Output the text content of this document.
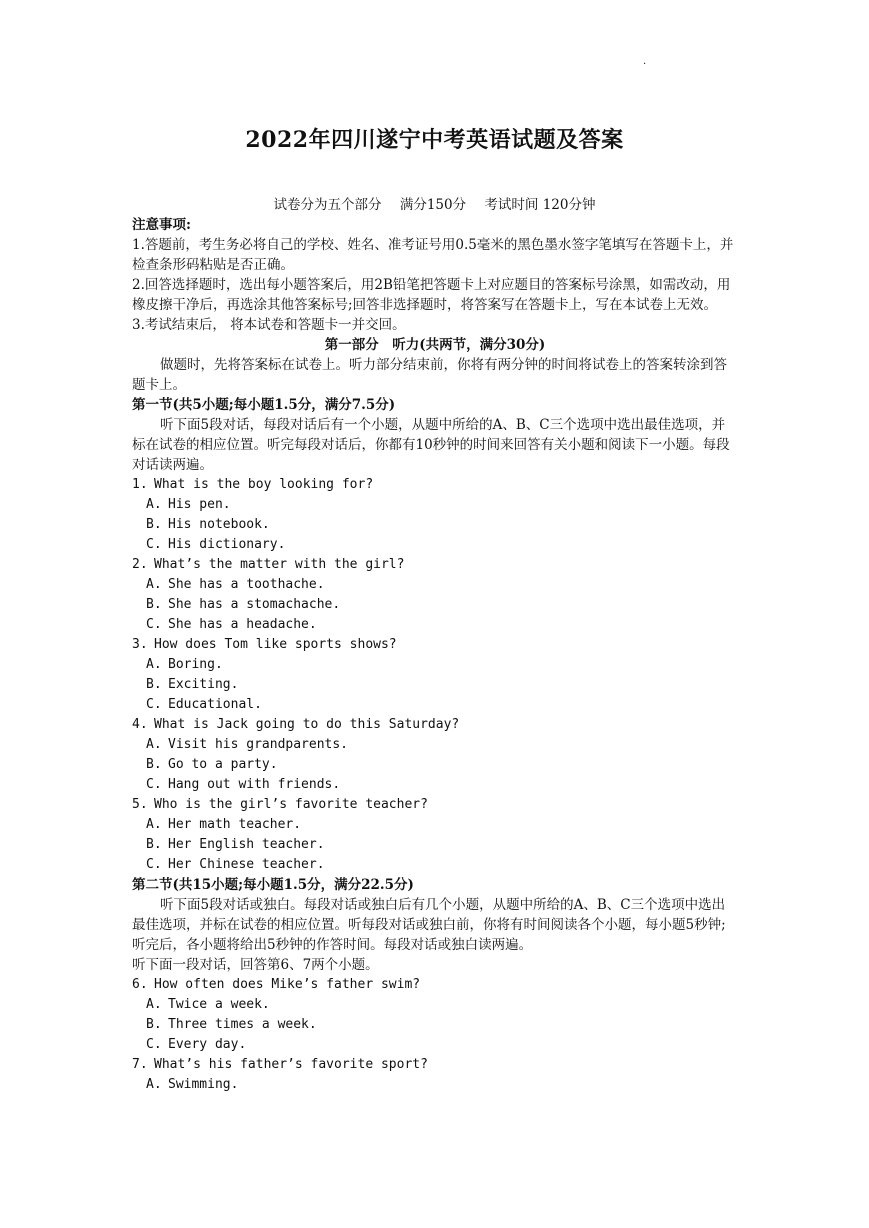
.
2022年四川遂宁中考英语试题及答案
试卷分为五个部分 满分150分 考试时间 120分钟

注意事项:

1.答题前，考生务必将自己的学校、姓名、准考证号用0.5毫米的黑色墨水签字笔填写在答题卡上，并检查条形码粘贴是否正确。

2.回答选择题时，选出每小题答案后，用2B铅笔把答题卡上对应题目的答案标号涂黑，如需改动，用橡皮擦干净后，再选涂其他答案标号;回答非选择题时，将答案写在答题卡上，写在本试卷上无效。

3.考试结束后， 将本试卷和答题卡一并交回。

第一部分　听力(共两节，满分30分)

做题时，先将答案标在试卷上。听力部分结束前，你将有两分钟的时间将试卷上的答案转涂到答题卡上。

第一节(共5小题;每小题1.5分，满分7.5分)

听下面5段对话，每段对话后有一个小题，从题中所给的A、B、C三个选项中选出最佳选项，并标在试卷的相应位置。听完每段对话后，你都有10秒钟的时间来回答有关小题和阅读下一小题。每段对话读两遍。

1. What is the boy looking for?

A. His pen.

B. His notebook.

C. His dictionary.

2. What’s the matter with the girl?

A. She has a toothache.

B. She has a stomachache.

C. She has a headache.

3. How does Tom like sports shows?

A. Boring.

B. Exciting.

C. Educational.

4. What is Jack going to do this Saturday?

A. Visit his grandparents.

B. Go to a party.

C. Hang out with friends.

5. Who is the girl’s favorite teacher?

A. Her math teacher.

B. Her English teacher.

C. Her Chinese teacher.

第二节(共15小题;每小题1.5分，满分22.5分)

听下面5段对话或独白。每段对话或独白后有几个小题，从题中所给的A、B、C三个选项中选出最佳选项，并标在试卷的相应位置。听每段对话或独白前，你将有时间阅读各个小题，每小题5秒钟;听完后，各小题将给出5秒钟的作答时间。每段对话或独白读两遍。

听下面一段对话，回答第6、7两个小题。

6. How often does Mike’s father swim?

A. Twice a week.

B. Three times a week.

C. Every day.

7. What’s his father’s favorite sport?

A. Swimming.
